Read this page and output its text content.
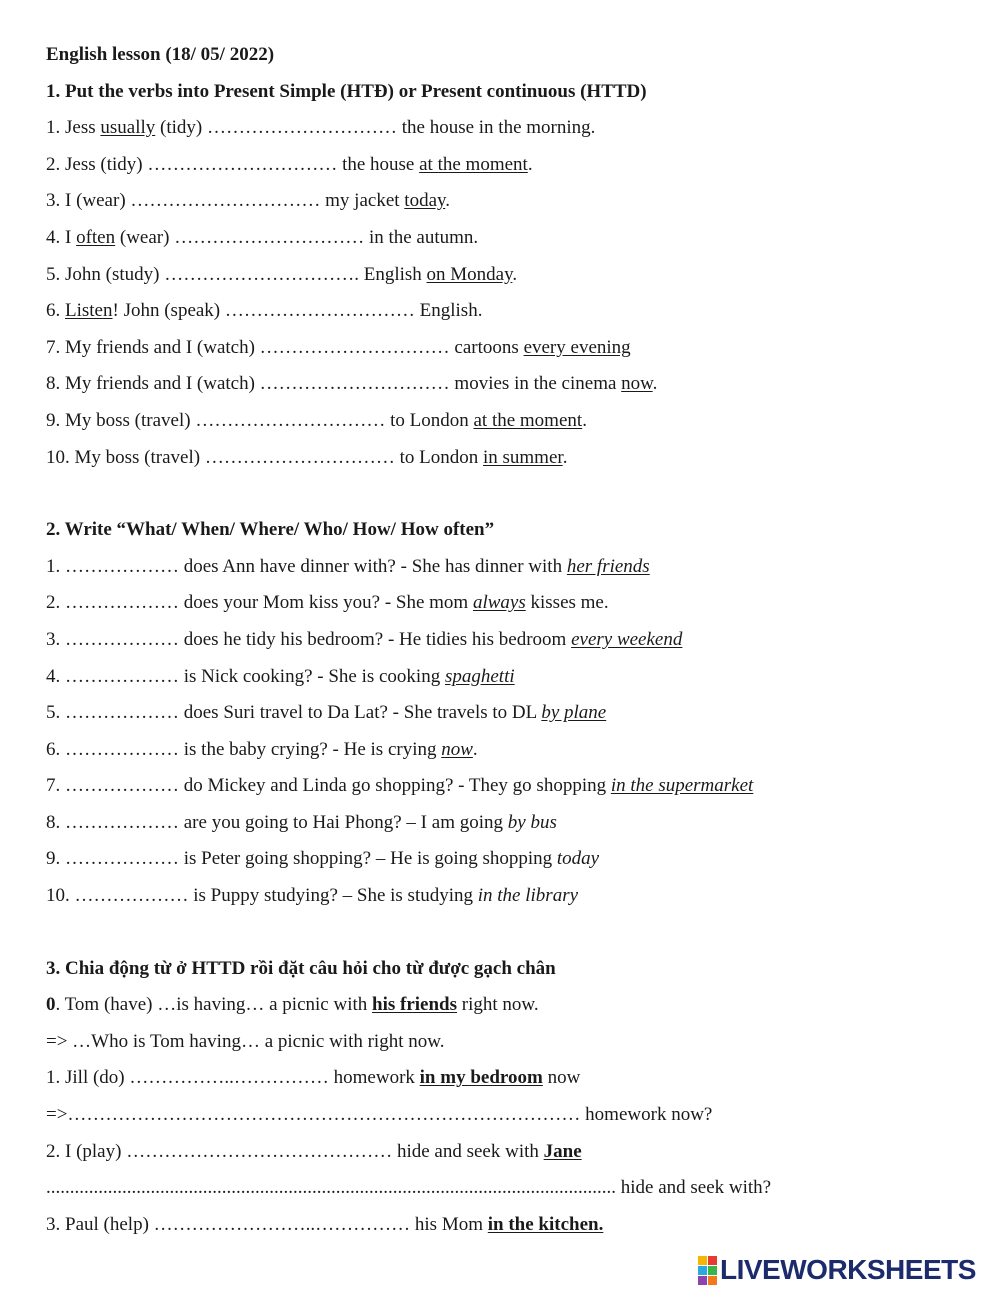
English lesson (18/ 05/ 2022)
1. Put the verbs into Present Simple (HTĐ) or Present continuous (HTTD)
1. Jess usually (tidy) ………………………… the house in the morning.
2. Jess (tidy) ………………………… the house at the moment.
3. I (wear) ………………………… my jacket today.
4. I often (wear) ………………………… in the autumn.
5. John (study) …………………………. English on Monday.
6. Listen! John (speak) ………………………… English.
7. My friends and I (watch) ………………………… cartoons every evening
8. My friends and I (watch) ………………………… movies in the cinema now.
9. My boss (travel) ………………………… to London at the moment.
10. My boss (travel) ………………………… to London in summer.
2. Write “What/ When/ Where/ Who/ How/ How often”
1. ……………… does Ann have dinner with? - She has dinner with her friends
2. ……………… does your Mom kiss you? - She mom always kisses me.
3. ……………… does he tidy his bedroom? - He tidies his bedroom every weekend
4. ……………… is Nick cooking? - She is cooking spaghetti
5. ……………… does Suri travel to Da Lat? - She travels to DL by plane
6. ……………… is the baby crying? - He is crying now.
7. ……………… do Mickey and Linda go shopping? - They go shopping in the supermarket
8. ……………… are you going to Hai Phong? – I am going by bus
9. ……………… is Peter going shopping? – He is going shopping today
10. ……………… is Puppy studying? – She is studying in the library
3. Chia động từ ở HTTD rồi đặt câu hỏi cho từ được gạch chân
0. Tom (have) …is having… a picnic with his friends right now.
=> …Who is Tom having… a picnic with right now.
1. Jill (do) ……………..…………… homework in my bedroom now
=>……………………………………………………………………… homework now?
2. I (play) …………………………………… hide and seek with Jane
........................................................................................................................ hide and seek with?
3. Paul (help) ……………………..…………… his Mom in the kitchen.
LIVEWORKSHEETS
